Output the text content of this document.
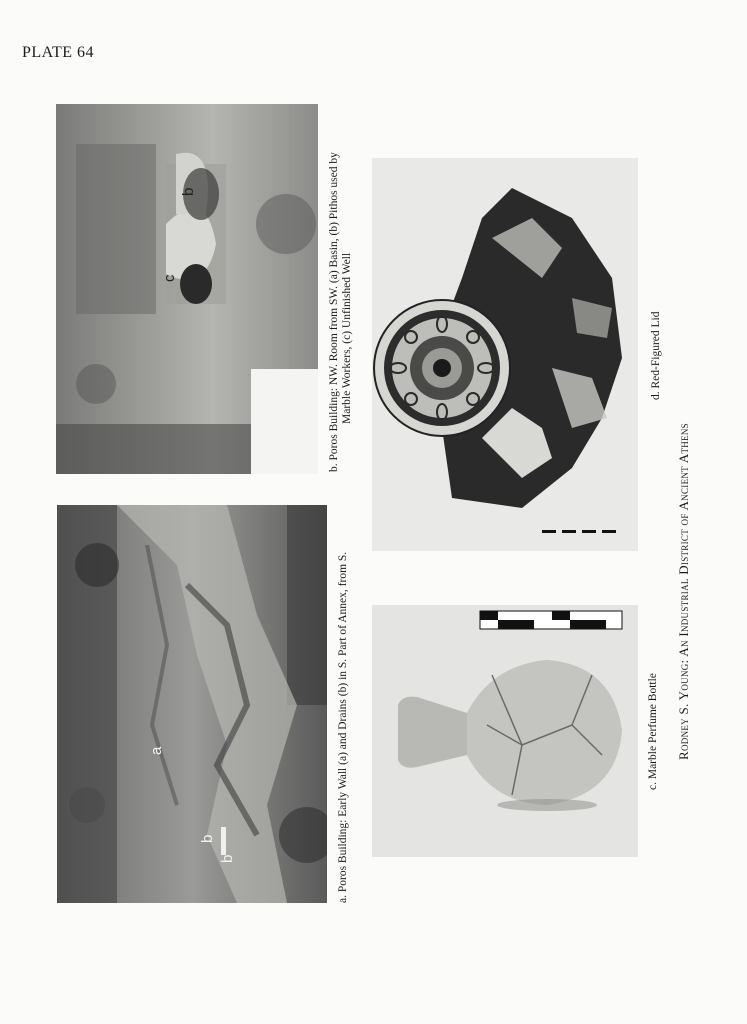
PLATE 64
b
b
a
b
c
a. Poros Building: Early Wall (a) and Drains (b) in S. Part of Annex, from S.
b. Poros Building: NW. Room from SW. (a) Basin, (b) Pithos used by Marble Workers, (c) Unfinished Well
c. Marble Perfume Bottle
d. Red-Figured Lid
Rodney S. Young: An Industrial District of Ancient Athens
